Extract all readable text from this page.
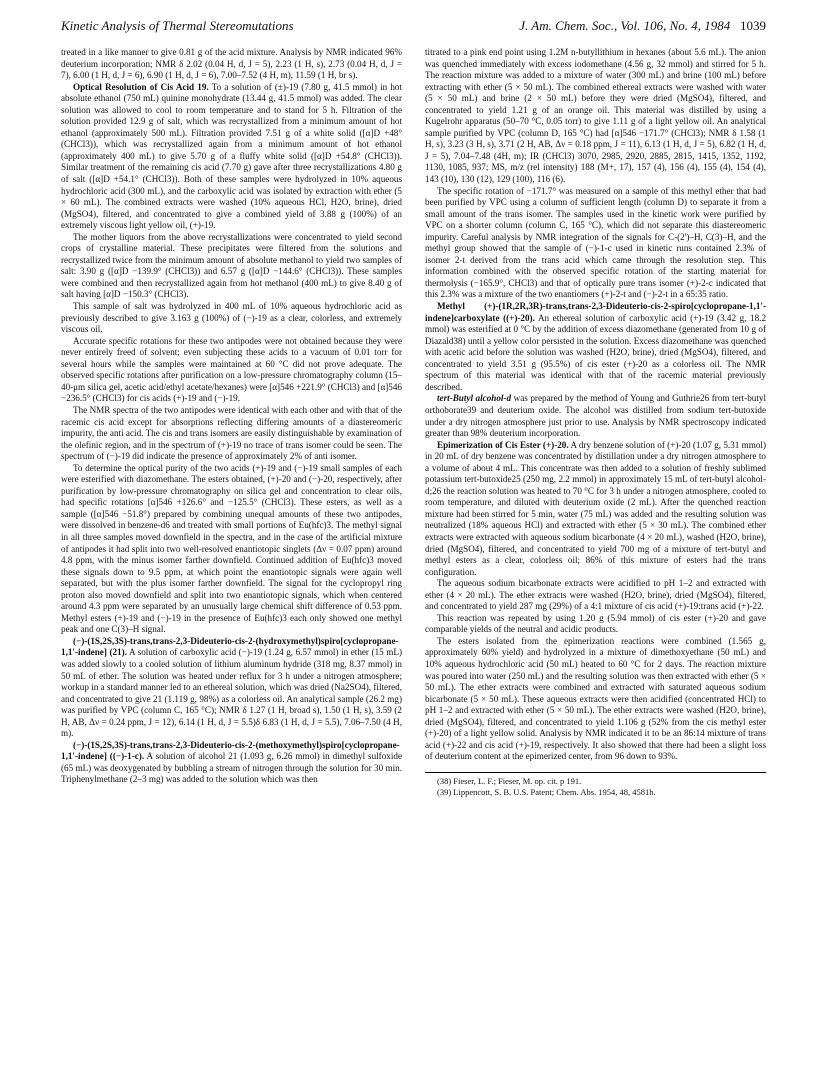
Kinetic Analysis of Thermal Stereomutations	J. Am. Chem. Soc., Vol. 106, No. 4, 1984 1039

treated in a like manner to give 0.81 g of the acid mixture. Analysis by NMR indicated 96% deuterium incorporation; NMR δ 2.02 (0.04 H, d, J = 5), 2.23 (1 H, s), 2.73 (0.04 H, d, J = 7), 6.00 (1 H, d, J = 6), 6.90 (1 H, d, J = 6), 7.00–7.52 (4 H, m), 11.59 (1 H, br s).

Optical Resolution of Cis Acid 19. To a solution of (±)-19 (7.80 g, 41.5 mmol) in hot absolute ethanol (750 mL) quinine monohydrate (13.44 g, 41.5 mmol) was added. The clear solution was allowed to cool to room temperature and to stand for 5 h. Filtration of the solution provided 12.9 g of salt, which was recrystallized from a minimum amount of hot ethanol (approximately 500 mL). Filtration provided 7.51 g of a white solid ([α]D +48° (CHCl3)), which was recrystallized again from a minimum amount of hot ethanol (approximately 400 mL) to give 5.70 g of a fluffy white solid ([α]D +54.8° (CHCl3)). Similar treatment of the remaining cis acid (7.70 g) gave after three recrystallizations 4.80 g of salt ([α]D +54.1° (CHCl3)). Both of these samples were hydrolyzed in 10% aqueous hydrochloric acid (300 mL), and the carboxylic acid was isolated by extraction with ether (5 × 60 mL). The combined extracts were washed (10% aqueous HCl, H2O, brine), dried (MgSO4), filtered, and concentrated to give a combined yield of 3.88 g (100%) of an extremely viscous light yellow oil, (+)-19.

The mother liquors from the above recrystallizations were concentrated to yield second crops of crystalline material. These precipitates were filtered from the solutions and recrystallized twice from the minimum amount of absolute methanol to yield two samples of salt: 3.90 g ([α]D −139.9° (CHCl3)) and 6.57 g ([α]D −144.6° (CHCl3)). These samples were combined and then recrystallized again from hot methanol (400 mL) to give 8.40 g of salt having [α]D −150.3° (CHCl3).

This sample of salt was hydrolyzed in 400 mL of 10% aqueous hydrochloric acid as previously described to give 3.163 g (100%) of (−)-19 as a clear, colorless, and extremely viscous oil.

Accurate specific rotations for these two antipodes were not obtained because they were never entirely freed of solvent; even subjecting these acids to a vacuum of 0.01 torr for several hours while the samples were maintained at 60 °C did not prove adequate. The observed specific rotations after purification on a low-pressure chromatography column (15–40-μm silica gel, acetic acid/ethyl acetate/hexanes) were [α]546 +221.9° (CHCl3) and [α]546 −236.5° (CHCl3) for cis acids (+)-19 and (−)-19.

The NMR spectra of the two antipodes were identical with each other and with that of the racemic cis acid except for absorptions reflecting differing amounts of a diastereomeric impurity, the anti acid. The cis and trans isomers are easily distinguishable by examination of the olefinic region, and in the spectrum of (+)-19 no trace of trans isomer could be seen. The spectrum of (−)-19 did indicate the presence of approximately 2% of anti isomer.

To determine the optical purity of the two acids (+)-19 and (−)-19 small samples of each were esterified with diazomethane. The esters obtained, (+)-20 and (−)-20, respectively, after purification by low-pressure chromatography on silica gel and concentration to clear oils, had specific rotations [α]546 +126.6° and −125.5° (CHCl3). These esters, as well as a sample ([α]546 −51.8°) prepared by combining unequal amounts of these two antipodes, were dissolved in benzene-d6 and treated with small portions of Eu(hfc)3. The methyl signal in all three samples moved downfield in the spectra, and in the case of the artificial mixture of antipodes it had split into two well-resolved enantiotopic singlets (Δν = 0.07 ppm) around 4.8 ppm, with the minus isomer farther downfield. Continued addition of Eu(hfc)3 moved these signals down to 9.5 ppm, at which point the enantiotopic signals were again well separated, but with the plus isomer farther downfield. The signal for the cyclopropyl ring proton also moved downfield and split into two enantiotopic signals, which when centered around 4.3 ppm were separated by an unusually large chemical shift difference of 0.53 ppm. Methyl esters (+)-19 and (−)-19 in the presence of Eu(hfc)3 each only showed one methyl peak and one C(3)–H signal.

(−)-(1S,2S,3S)-trans,trans-2,3-Dideuterio-cis-2-(hydroxymethyl)spiro[cyclopropane-1,1'-indene] (21). A solution of carboxylic acid (−)-19 (1.24 g, 6.57 mmol) in ether (15 mL) was added slowly to a cooled solution of lithium aluminum hydride (318 mg, 8.37 mmol) in 50 mL of ether. The solution was heated under reflux for 3 h under a nitrogen atmosphere; workup in a standard manner led to an ethereal solution, which was dried (Na2SO4), filtered, and concentrated to give 21 (1.119 g, 98%) as a colorless oil. An analytical sample (26.2 mg) was purified by VPC (column C, 165 °C); NMR δ 1.27 (1 H, broad s), 1.50 (1 H, s), 3.59 (2 H, AB, Δν = 0.24 ppm, J = 12), 6.14 (1 H, d, J = 5.5)δ 6.83 (1 H, d, J = 5.5), 7.06–7.50 (4 H, m).

(−)-(1S,2S,3S)-trans,trans-2,3-Dideuterio-cis-2-(methoxymethyl)spiro[cyclopropane-1,1'-indene] ((−)-1-c). A solution of alcohol 21 (1.093 g, 6.26 mmol) in dimethyl sulfoxide (65 mL) was deoxygenated by bubbling a stream of nitrogen through the solution for 30 min. Triphenylmethane (2–3 mg) was added to the solution which was then

titrated to a pink end point using 1.2M n-butyllithium in hexanes (about 5.6 mL). The anion was quenched immediately with excess iodomethane (4.56 g, 32 mmol) and stirred for 5 h. The reaction mixture was added to a mixture of water (300 mL) and brine (100 mL) before extracting with ether (5 × 50 mL). The combined ethereal extracts were washed with water (5 × 50 mL) and brine (2 × 50 mL) before they were dried (MgSO4), filtered, and concentrated to yield 1.21 g of an orange oil. This material was distilled by using a Kugelrohr apparatus (50–70 °C, 0.05 torr) to give 1.11 g of a light yellow oil. An analytical sample purified by VPC (column D, 165 °C) had [α]546 −171.7° (CHCl3); NMR δ 1.58 (1 H, s), 3.23 (3 H, s), 3.71 (2 H, AB, Δν = 0.18 ppm, J = 11), 6.13 (1 H, d, J = 5), 6.82 (1 H, d, J = 5), 7.04–7.48 (4H, m); IR (CHCl3) 3070, 2985, 2920, 2885, 2815, 1415, 1352, 1192, 1130, 1085, 937; MS, m/z (rel intensity) 188 (M+, 17), 157 (4), 156 (4), 155 (4), 154 (4), 143 (10), 130 (12), 129 (100), 116 (6).

The specific rotation of −171.7° was measured on a sample of this methyl ether that had been purified by VPC using a column of sufficient length (column D) to separate it from a small amount of the trans isomer. The samples used in the kinetic work were purified by VPC on a shorter column (column C, 165 °C), which did not separate this diastereomeric impurity. Careful analysis by NMR integration of the signals for C-(2')–H, C(3)–H, and the methyl group showed that the sample of (−)-1-c used in kinetic runs contained 2.3% of isomer 2-t derived from the trans acid which came through the resolution step. This information combined with the observed specific rotation of the starting material for thermolysis (−165.9°, CHCl3) and that of optically pure trans isomer (+)-2-c indicated that this 2.3% was a mixture of the two enantiomers (+)-2-t and (−)-2-t in a 65:35 ratio.

Methyl (+)-(1R,2R,3R)-trans,trans-2,3-Dideuterio-cis-2-spiro[cyclopropane-1,1'-indene]carboxylate ((+)-20). An ethereal solution of carboxylic acid (+)-19 (3.42 g, 18.2 mmol) was esterified at 0 °C by the addition of excess diazomethane (generated from 10 g of Diazald38) until a yellow color persisted in the solution. Excess diazomethane was quenched with acetic acid before the solution was washed (H2O, brine), dried (MgSO4), filtered, and concentrated to yield 3.51 g (95.5%) of cis ester (+)-20 as a colorless oil. The NMR spectrum of this material was identical with that of the racemic material previously described.

tert-Butyl alcohol-d was prepared by the method of Young and Guthrie26 from tert-butyl orthoborate39 and deuterium oxide. The alcohol was distilled from sodium tert-butoxide under a dry nitrogen atmosphere just prior to use. Analysis by NMR spectroscopy indicated greater than 98% deuterium incorporation.

Epimerization of Cis Ester (+)-20. A dry benzene solution of (+)-20 (1.07 g, 5.31 mmol) in 20 mL of dry benzene was concentrated by distillation under a dry nitrogen atmosphere to a volume of about 4 mL. This concentrate was then added to a solution of freshly sublimed potassium tert-butoxide25 (250 mg, 2.2 mmol) in approximately 15 mL of tert-butyl alcohol-d;26 the reaction solution was heated to 70 °C for 3 h under a nitrogen atmosphere, cooled to room temperature, and diluted with deuterium oxide (2 mL). After the quenched reaction mixture had been stirred for 5 min, water (75 mL) was added and the resulting solution was neutralized (18% aqueous HCl) and extracted with ether (5 × 30 mL). The combined ether extracts were extracted with aqueous sodium bicarbonate (4 × 20 mL), washed (H2O, brine), dried (MgSO4), filtered, and concentrated to yield 700 mg of a mixture of tert-butyl and methyl esters as a clear, colorless oil; 86% of this mixture of esters had the trans configuration.

The aqueous sodium bicarbonate extracts were acidified to pH 1–2 and extracted with ether (4 × 20 mL). The ether extracts were washed (H2O, brine), dried (MgSO4), filtered, and concentrated to yield 287 mg (29%) of a 4:1 mixture of cis acid (+)-19:trans acid (+)-22.

This reaction was repeated by using 1.20 g (5.94 mmol) of cis ester (+)-20 and gave comparable yields of the neutral and acidic products.

The esters isolated from the epimerization reactions were combined (1.565 g, approximately 60% yield) and hydrolyzed in a mixture of dimethoxyethane (50 mL) and 10% aqueous hydrochloric acid (50 mL) heated to 60 °C for 2 days. The reaction mixture was poured into water (250 mL) and the resulting solution was then extracted with ether (5 × 50 mL). The ether extracts were combined and extracted with saturated aqueous sodium bicarbonate (5 × 50 mL). These aqueous extracts were then acidified (concentrated HCl) to pH 1–2 and extracted with ether (5 × 50 mL). The ether extracts were washed (H2O, brine), dried (MgSO4), filtered, and concentrated to yield 1.106 g (52% from the cis methyl ester (+)-20) of a light yellow solid. Analysis by NMR indicated it to be an 86:14 mixture of trans acid (+)-22 and cis acid (+)-19, respectively. It also showed that there had been a slight loss of deuterium content at the epimerized center, from 96 down to 93%.

(38) Fieser, L. F.; Fieser, M. op. cit. p 191.

(39) Lippencott, S. B. U.S. Patent; Chem. Abs. 1954, 48, 4581h.
